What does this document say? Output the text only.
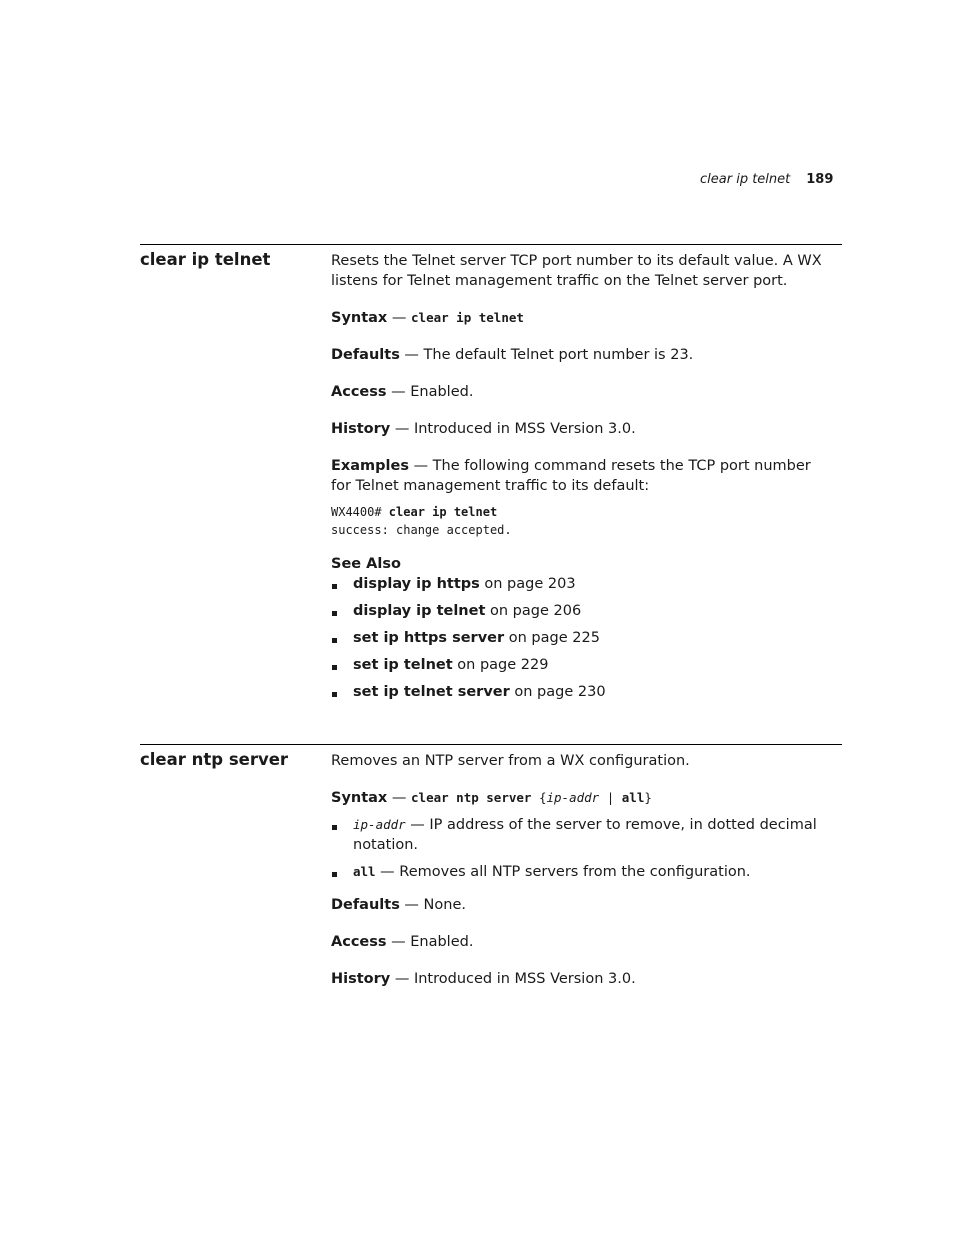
clear ip telnet 189
clear ip telnet	Resets the Telnet server TCP port number to its default value. A WX listens for Telnet management traffic on the Telnet server port.

Syntax — clear ip telnet

Defaults — The default Telnet port number is 23.

Access — Enabled.

History — Introduced in MSS Version 3.0.

Examples — The following command resets the TCP port number for Telnet management traffic to its default:

WX4400# clear ip telnet
success: change accepted.

See Also

display ip https on page 203
display ip telnet on page 206
set ip https server on page 225
set ip telnet on page 229
set ip telnet server on page 230
clear ntp server	Removes an NTP server from a WX configuration.

Syntax — clear ntp server {ip-addr | all}

ip-addr — IP address of the server to remove, in dotted decimal notation.
all — Removes all NTP servers from the configuration.

Defaults — None.

Access — Enabled.

History — Introduced in MSS Version 3.0.
